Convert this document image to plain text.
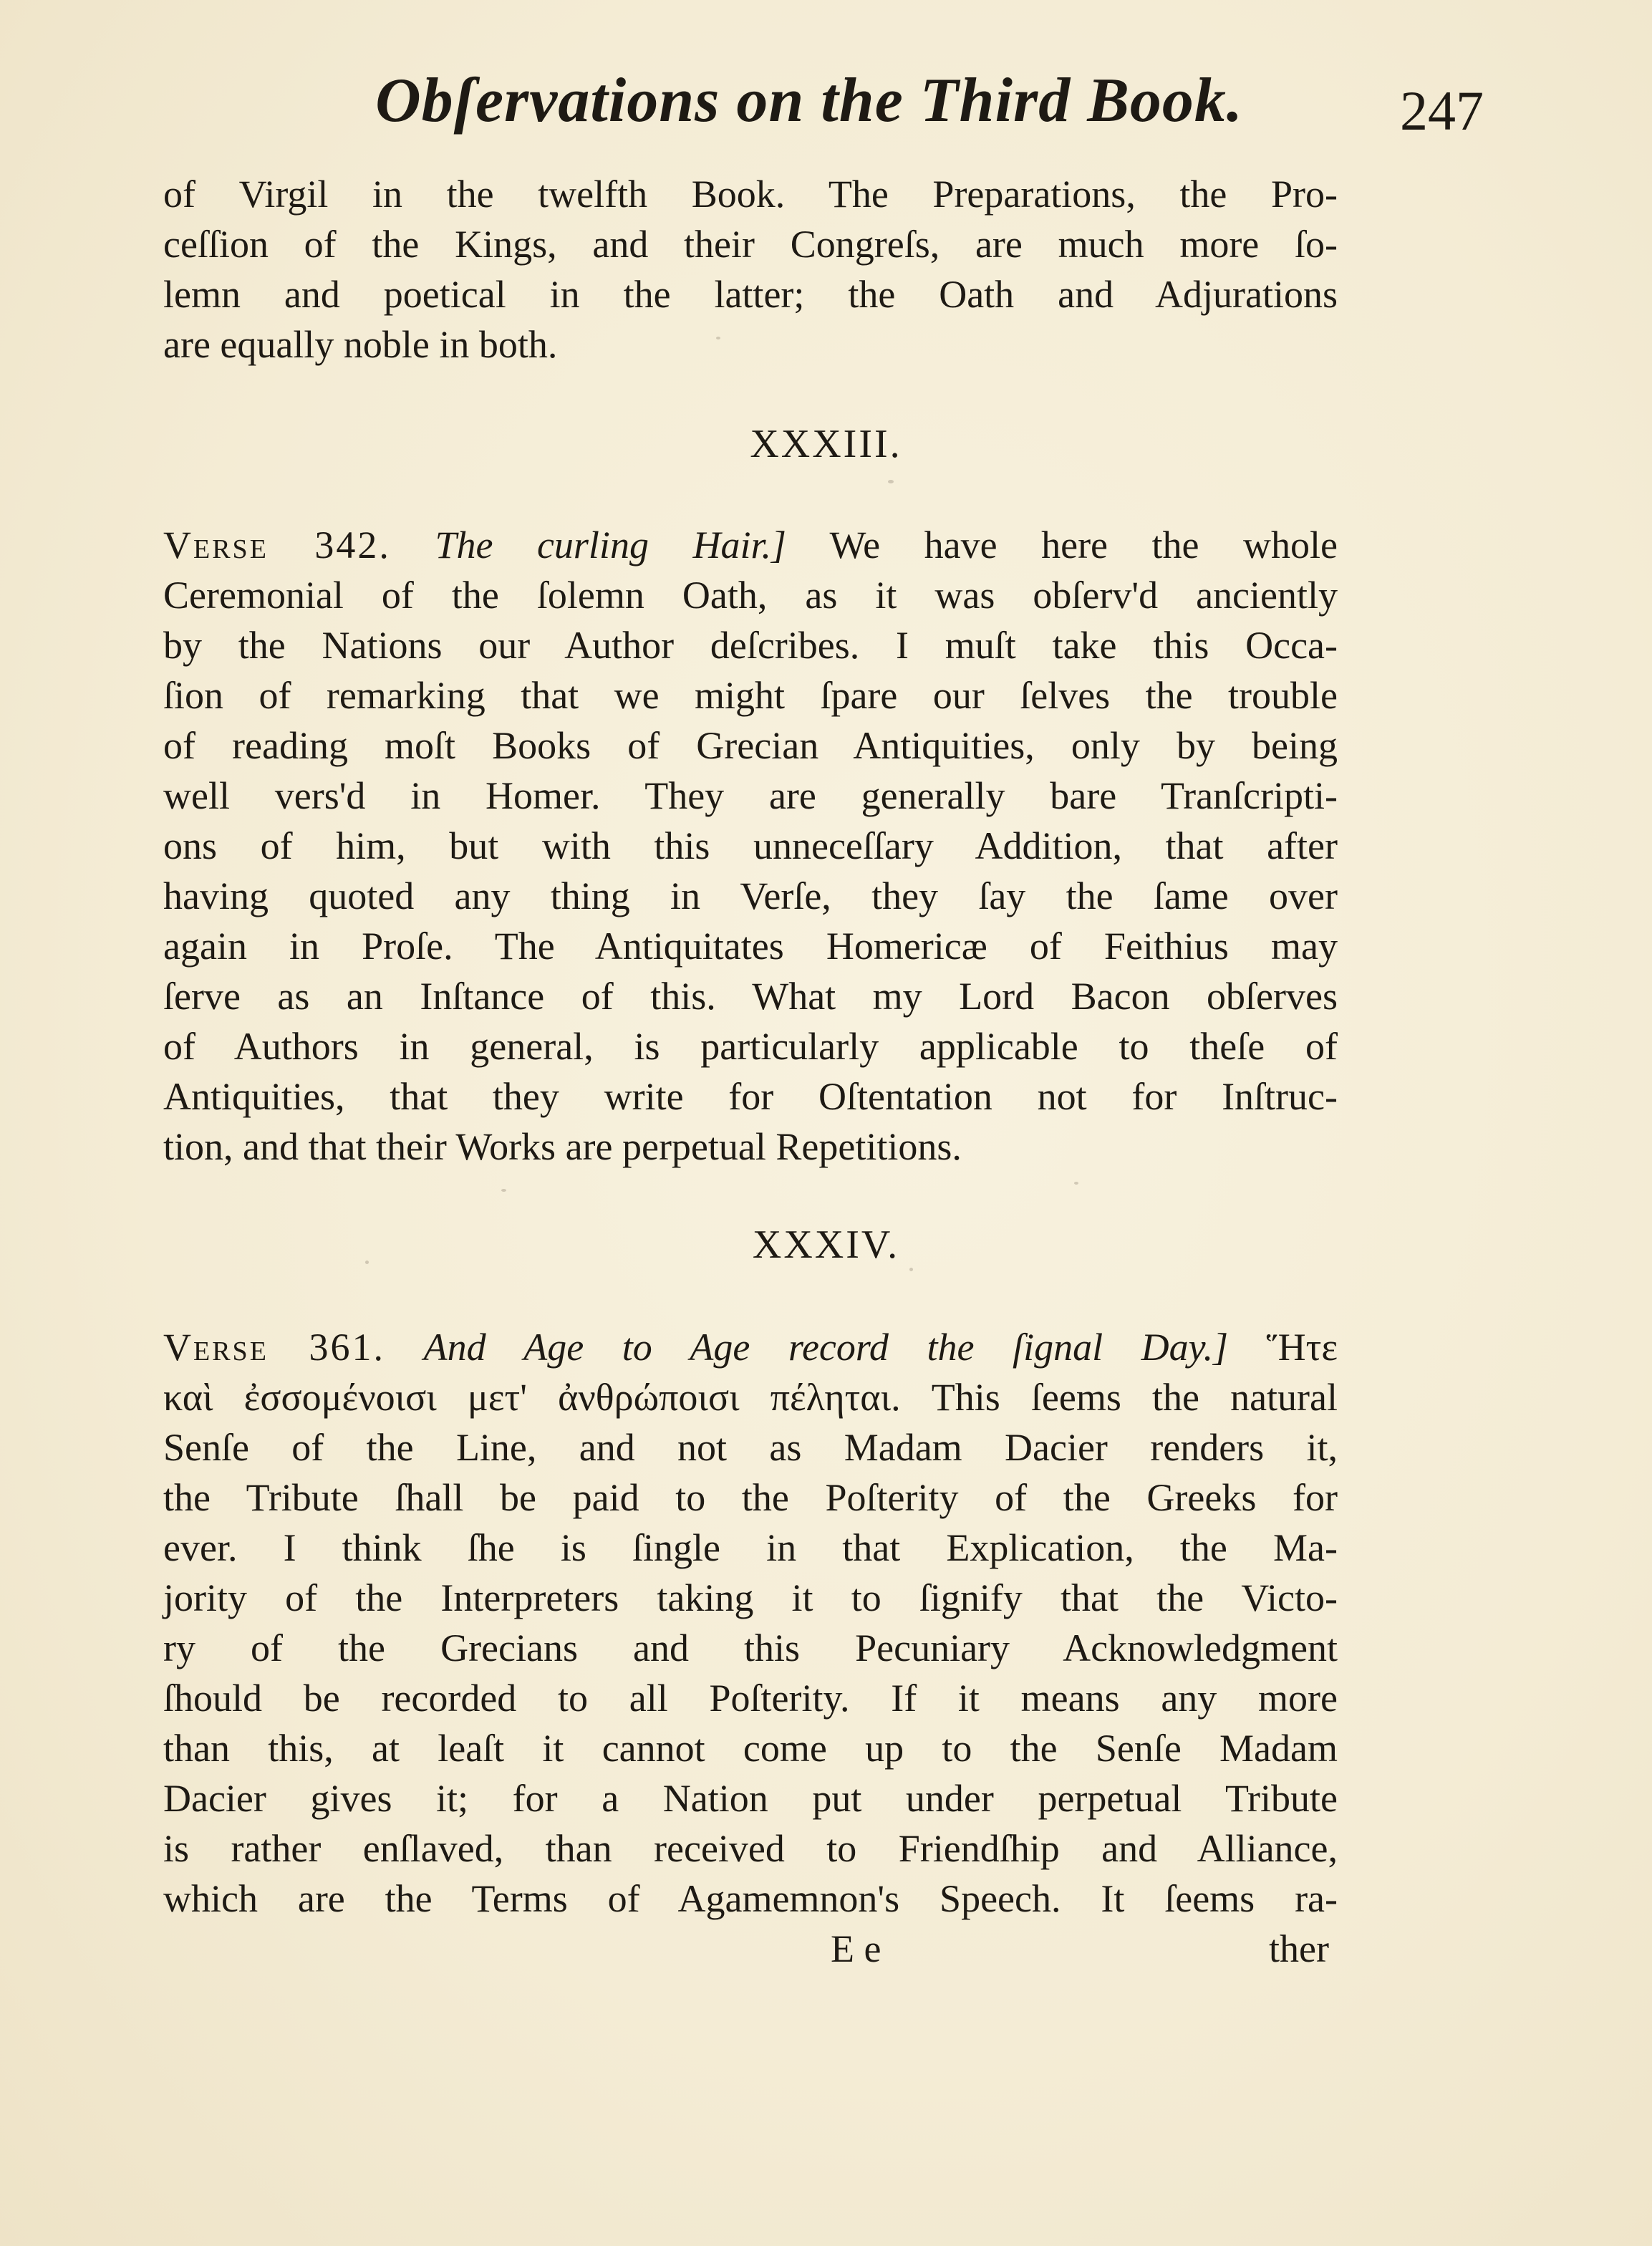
Obſervations on the Third Book.	247
of Virgil in the twelfth Book. The Preparations, the Pro-
ceſſion of the Kings, and their Congreſs, are much more ſo-
lemn and poetical in the latter; the Oath and Adjurations
are equally noble in both.
XXXIII.
Verse 342. The curling Hair.] We have here the whole
Ceremonial of the ſolemn Oath, as it was obſerv'd anciently
by the Nations our Author deſcribes. I muſt take this Occa-
ſion of remarking that we might ſpare our ſelves the trouble
of reading moſt Books of Grecian Antiquities, only by being
well vers'd in Homer. They are generally bare Tranſcripti-
ons of him, but with this unneceſſary Addition, that after
having quoted any thing in Verſe, they ſay the ſame over
again in Proſe. The Antiquitates Homericæ of Feithius may
ſerve as an Inſtance of this. What my Lord Bacon obſerves
of Authors in general, is particularly applicable to theſe of
Antiquities, that they write for Oſtentation not for Inſtruc-
tion, and that their Works are perpetual Repetitions.
XXXIV.
Verse 361. And Age to Age record the ſignal Day.] Ἥτε
καὶ ἐσσομένοισι μετ' ἀνθρώποισι πέληται. This ſeems the natural
Senſe of the Line, and not as Madam Dacier renders it,
the Tribute ſhall be paid to the Poſterity of the Greeks for
ever. I think ſhe is ſingle in that Explication, the Ma-
jority of the Interpreters taking it to ſignify that the Victo-
ry of the Grecians and this Pecuniary Acknowledgment
ſhould be recorded to all Poſterity. If it means any more
than this, at leaſt it cannot come up to the Senſe Madam
Dacier gives it; for a Nation put under perpetual Tribute
is rather enſlaved, than received to Friendſhip and Alliance,
which are the Terms of Agamemnon's Speech. It ſeems ra-
E e	ther
